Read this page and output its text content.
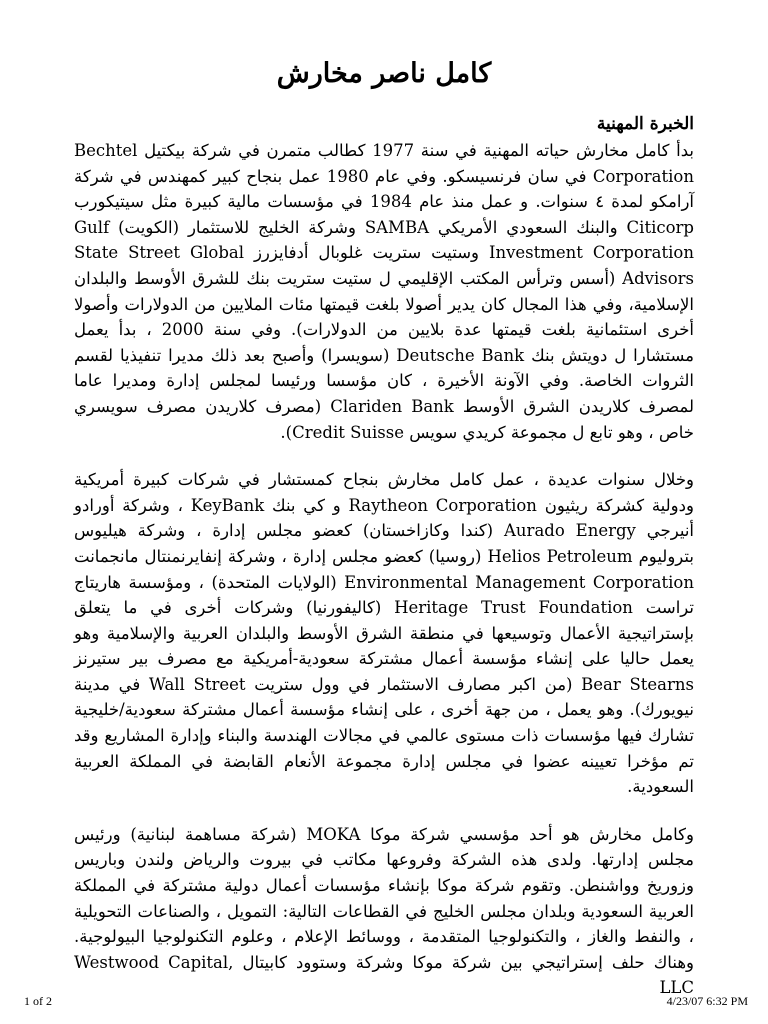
كامل ناصر مخارش
الخبرة المهنية

بدأ كامل مخارش حياته المهنية في سنة 1977 كطالب متمرن في شركة بيكتيل Bechtel Corporation في سان فرنسيسكو. وفي عام 1980 عمل بنجاح كبير كمهندس في شركة آرامكو لمدة ٤ سنوات. و عمل منذ عام 1984 في مؤسسات مالية كبيرة مثل سيتيكورب Citicorp والبنك السعودي الأمريكي SAMBA وشركة الخليج للاستثمار (الكويت) Gulf Investment Corporation وستيت ستريت غلوبال أدفايزرز State Street Global Advisors (أسس وترأس المكتب الإقليمي ل ستيت ستريت بنك للشرق الأوسط والبلدان الإسلامية، وفي هذا المجال كان يدير أصولا بلغت قيمتها مئات الملايين من الدولارات وأصولا أخرى استئمانية بلغت قيمتها عدة بلايين من الدولارات). وفي سنة 2000 ، بدأ يعمل مستشارا ل دويتش بنك Deutsche Bank (سويسرا) وأصبح بعد ذلك مديرا تنفيذيا لقسم الثروات الخاصة. وفي الآونة الأخيرة ، كان مؤسسا ورئيسا لمجلس إدارة ومديرا عاما لمصرف كلاريدن الشرق الأوسط Clariden Bank (مصرف كلاريدن مصرف سويسري خاص ، وهو تابع ل مجموعة كريدي سويس Credit Suisse).

وخلال سنوات عديدة ، عمل كامل مخارش بنجاح كمستشار في شركات كبيرة أمريكية ودولية كشركة ريثيون Raytheon Corporation و كي بنك KeyBank ، وشركة أورادو أنيرجي Aurado Energy (كندا وكازاخستان) كعضو مجلس إدارة ، وشركة هيليوس بتروليوم Helios Petroleum (روسيا) كعضو مجلس إدارة ، وشركة إنفايرنمنتال مانجمانت Environmental Management Corporation (الولايات المتحدة) ، ومؤسسة هاريتاج تراست Heritage Trust Foundation (كاليفورنيا) وشركات أخرى في ما يتعلق بإستراتيجية الأعمال وتوسيعها في منطقة الشرق الأوسط والبلدان العربية والإسلامية وهو يعمل حاليا على إنشاء مؤسسة أعمال مشتركة سعودية-أمريكية مع مصرف بير ستيرنز Bear Stearns (من اكبر مصارف الاستثمار في وول ستريت Wall Street في مدينة نيويورك). وهو يعمل ، من جهة أخرى ، على إنشاء مؤسسة أعمال مشتركة سعودية/خليجية تشارك فيها مؤسسات ذات مستوى عالمي في مجالات الهندسة والبناء وإدارة المشاريع وقد تم مؤخرا تعيينه عضوا في مجلس إدارة مجموعة الأنعام القابضة في المملكة العربية السعودية.

وكامل مخارش هو أحد مؤسسي شركة موكا MOKA (شركة مساهمة لبنانية) ورئيس مجلس إدارتها. ولدى هذه الشركة وفروعها مكاتب في بيروت والرياض ولندن وباريس وزوريخ وواشنطن. وتقوم شركة موكا بإنشاء مؤسسات أعمال دولية مشتركة في المملكة العربية السعودية وبلدان مجلس الخليج في القطاعات التالية: التمويل ، والصناعات التحويلية ، والنفط والغاز ، والتكنولوجيا المتقدمة ، ووسائط الإعلام ، وعلوم التكنولوجيا البيولوجية. وهناك حلف إستراتيجي بين شركة موكا وشركة وستوود كابيتال Westwood Capital, LLC

1 of 2	4/23/07 6:32 PM
